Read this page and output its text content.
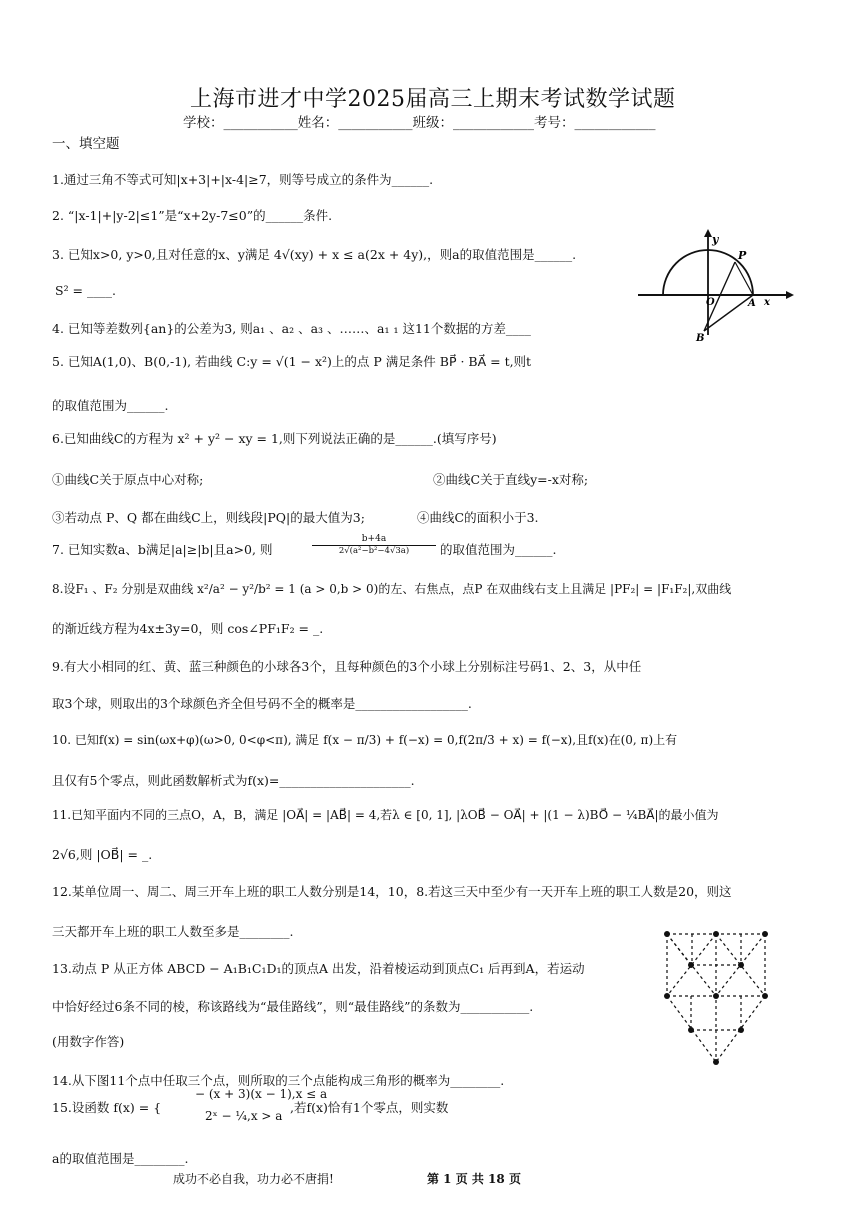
上海市进才中学2025届高三上期末考试数学试题
学校：___________姓名：___________班级：____________考号：____________
一、填空题
1.通过三角不等式可知|x+3|+|x-4|≥7，则等号成立的条件为______.
2. “|x-1|+|y-2|≤1”是“x+2y-7≤0”的______条件.
3. 已知x>0, y>0,且对任意的x、y满足 4√(xy) + x ≤ a(2x + 4y),，则a的取值范围是______.
S² = ____.
4. 已知等差数列{an}的公差为3, 则a₁ 、a₂ 、a₃ 、……、a₁ ₁ 这11个数据的方差____
5. 已知A(1,0)、B(0,-1), 若曲线 C:y = √(1 − x²)上的点 P 满足条件 BP⃗ · BA⃗ = t,则t
的取值范围为______.
6.已知曲线C的方程为 x² + y² − xy = 1,则下列说法正确的是______.(填写序号)
①曲线C关于原点中心对称;	②曲线C关于直线y=-x对称;
③若动点 P、Q 都在曲线C上，则线段|PQ|的最大值为3;	④曲线C的面积小于3.
7. 已知实数a、b满足|a|≥|b|且a>0, 则	$\frac{b+4a}{\text{2√(a²−b²−4√3a)}}$ 的取值范围为______.
8.设F₁ 、F₂ 分别是双曲线 x²/a² − y²/b² = 1 (a > 0,b > 0)的左、右焦点，点P 在双曲线右支上且满足 |PF₂| = |F₁F₂|,双曲线
的渐近线方程为4x±3y=0，则 cos∠PF₁F₂ = _.
9.有大小相同的红、黄、蓝三种颜色的小球各3个，且每种颜色的3个小球上分别标注号码1、2、3，从中任
取3个球，则取出的3个球颜色齐全但号码不全的概率是__________________.
10. 已知f(x) = sin(ωx+φ)(ω>0, 0<φ<π), 满足 f(x − π/3) + f(−x) = 0,f(2π/3 + x) = f(−x),且f(x)在(0, π)上有
且仅有5个零点，则此函数解析式为f(x)=_____________________.
11.已知平面内不同的三点O，A，B，满足 |OA⃗| = |AB⃗| = 4,若λ ∈ [0, 1], |λOB⃗ − OA⃗| + |(1 − λ)BO⃗ − ¼BA⃗|的最小值为
2√6,则 |OB⃗| = _.
12.某单位周一、周二、周三开车上班的职工人数分别是14，10，8.若这三天中至少有一天开车上班的职工人数是20，则这
三天都开车上班的职工人数至多是________.
13.动点 P 从正方体 ABCD − A₁B₁C₁D₁的顶点A 出发，沿着棱运动到顶点C₁ 后再到A，若运动
中恰好经过6条不同的棱，称该路线为“最佳路线”，则“最佳路线”的条数为___________.
(用数字作答)
14.从下图11个点中任取三个点，则所取的三个点能构成三角形的概率为________.
15.设函数 f(x) = {
− (x + 3)(x − 1),x ≤ a
2ˣ − ¼,x > a
,若f(x)恰有1个零点，则实数
a的取值范围是________.
y
P
O	A x
B
成功不必自我，功力必不唐捐!	第 1 页 共 18 页
